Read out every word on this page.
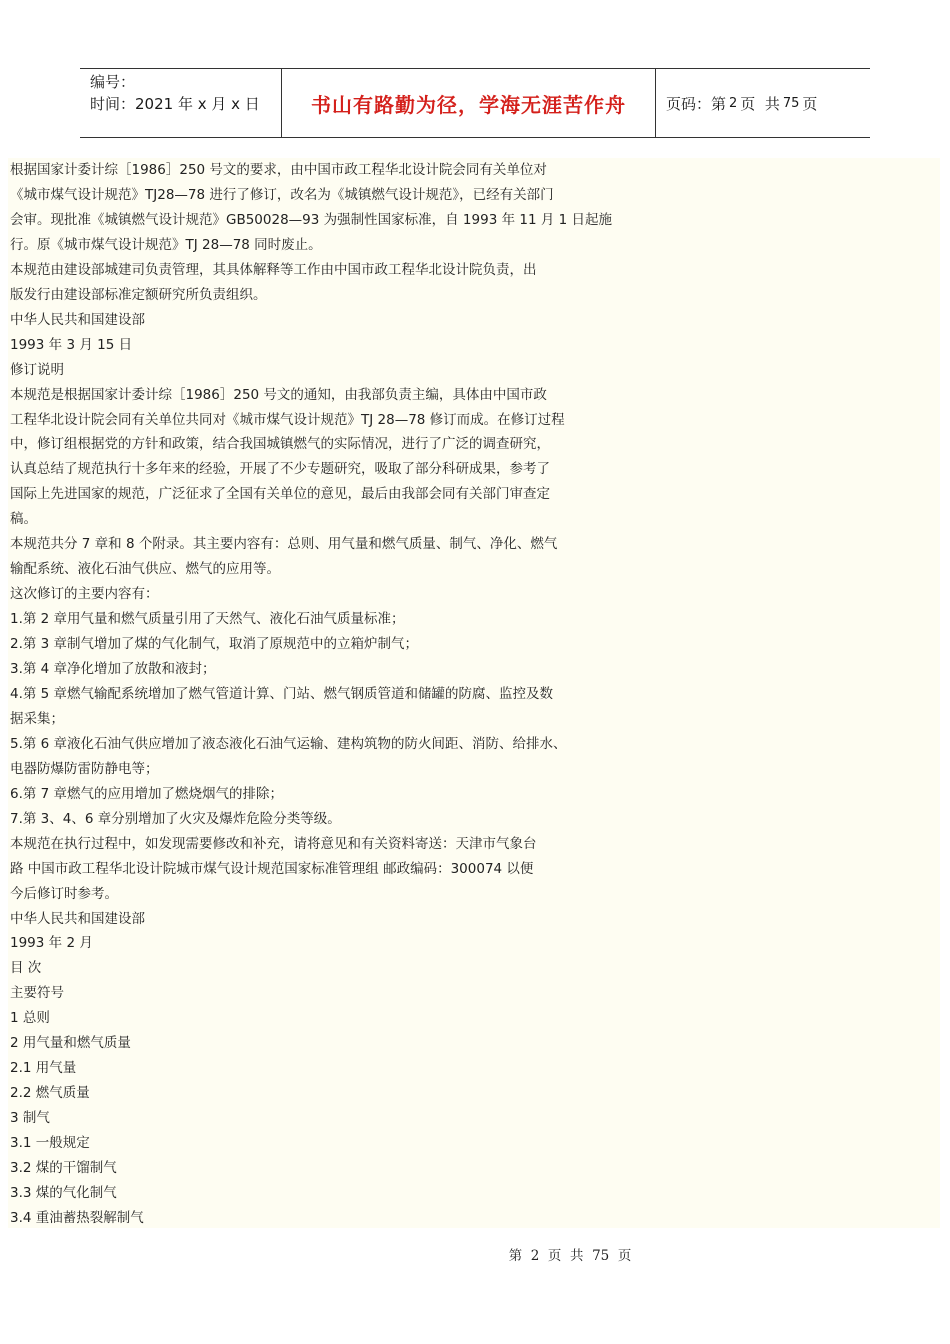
编号：
时间：2021 年 x 月 x 日	书山有路勤为径，学海无涯苦作舟	页码：第 2 页  共 75 页
根据国家计委计综［1986］250 号文的要求，由中国市政工程华北设计院会同有关单位对
《城市煤气设计规范》TJ28—78 进行了修订，改名为《城镇燃气设计规范》，已经有关部门
会审。现批准《城镇燃气设计规范》GB50028—93 为强制性国家标准，自 1993 年 11 月 1 日起施
行。原《城市煤气设计规范》TJ 28—78 同时废止。
本规范由建设部城建司负责管理，其具体解释等工作由中国市政工程华北设计院负责，出
版发行由建设部标准定额研究所负责组织。
中华人民共和国建设部
1993 年 3 月 15 日
修订说明
本规范是根据国家计委计综［1986］250 号文的通知，由我部负责主编，具体由中国市政
工程华北设计院会同有关单位共同对《城市煤气设计规范》TJ 28—78 修订而成。在修订过程
中，修订组根据党的方针和政策，结合我国城镇燃气的实际情况，进行了广泛的调查研究，
认真总结了规范执行十多年来的经验，开展了不少专题研究，吸取了部分科研成果，参考了
国际上先进国家的规范，广泛征求了全国有关单位的意见，最后由我部会同有关部门审查定
稿。
本规范共分 7 章和 8 个附录。其主要内容有：总则、用气量和燃气质量、制气、净化、燃气
输配系统、液化石油气供应、燃气的应用等。
这次修订的主要内容有：
1.第 2 章用气量和燃气质量引用了天然气、液化石油气质量标准；
2.第 3 章制气增加了煤的气化制气，取消了原规范中的立箱炉制气；
3.第 4 章净化增加了放散和液封；
4.第 5 章燃气输配系统增加了燃气管道计算、门站、燃气钢质管道和储罐的防腐、监控及数
据采集；
5.第 6 章液化石油气供应增加了液态液化石油气运输、建构筑物的防火间距、消防、给排水、
电器防爆防雷防静电等；
6.第 7 章燃气的应用增加了燃烧烟气的排除；
7.第 3、4、6 章分别增加了火灾及爆炸危险分类等级。
本规范在执行过程中，如发现需要修改和补充，请将意见和有关资料寄送：天津市气象台
路 中国市政工程华北设计院城市煤气设计规范国家标准管理组 邮政编码：300074 以便
今后修订时参考。
中华人民共和国建设部
1993 年 2 月
目 次
主要符号
1 总则
2 用气量和燃气质量
2.1 用气量
2.2 燃气质量
3 制气
3.1 一般规定
3.2 煤的干馏制气
3.3 煤的气化制气
3.4 重油蓄热裂解制气
第  2  页  共  75  页
